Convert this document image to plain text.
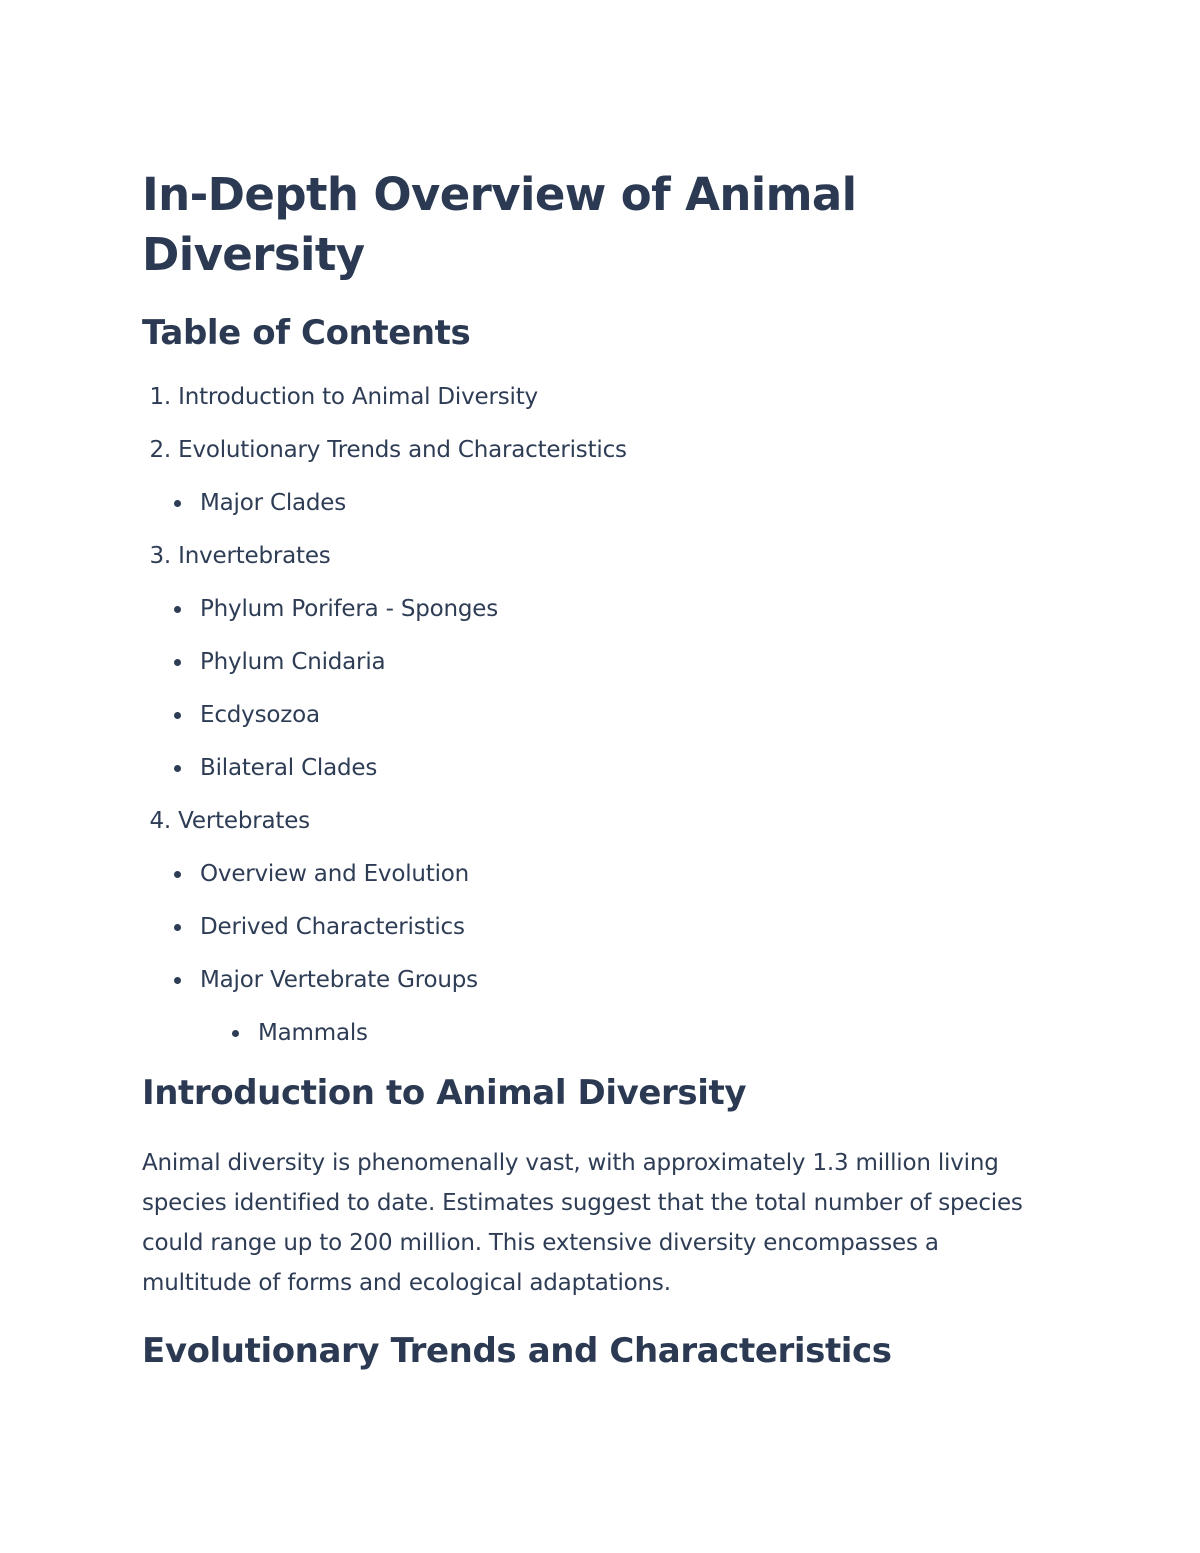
In-Depth Overview of Animal Diversity
Table of Contents
1. Introduction to Animal Diversity
2. Evolutionary Trends and Characteristics
Major Clades
3. Invertebrates
Phylum Porifera - Sponges
Phylum Cnidaria
Ecdysozoa
Bilateral Clades
4. Vertebrates
Overview and Evolution
Derived Characteristics
Major Vertebrate Groups
Mammals
Introduction to Animal Diversity

Animal diversity is phenomenally vast, with approximately 1.3 million living species identified to date. Estimates suggest that the total number of species could range up to 200 million. This extensive diversity encompasses a multitude of forms and ecological adaptations.

Evolutionary Trends and Characteristics
